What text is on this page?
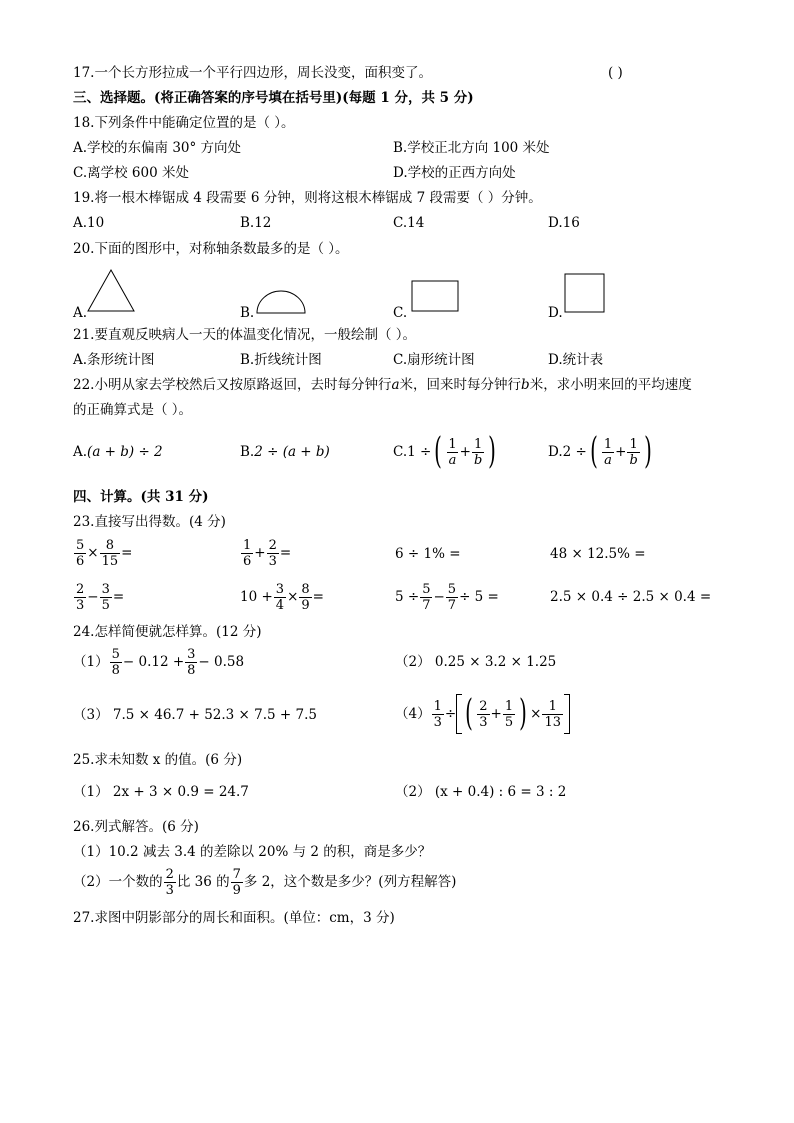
17.一个长方形拉成一个平行四边形，周长没变，面积变了。	( )
三、选择题。(将正确答案的序号填在括号里)(每题 1 分，共 5 分)
18.下列条件中能确定位置的是（ ）。
A.学校的东偏南 30° 方向处	B.学校正北方向 100 米处
C.离学校 600 米处	D.学校的正西方向处
19.将一根木棒锯成 4 段需要 6 分钟，则将这根木棒锯成 7 段需要（ ）分钟。
A.10	B.12	C.14	D.16
20.下面的图形中，对称轴条数最多的是（ ）。
A.	B.	C.	D.
21.要直观反映病人一天的体温变化情况，一般绘制（ ）。
A.条形统计图	B.折线统计图	C.扇形统计图	D.统计表
22.小明从家去学校然后又按原路返回，去时每分钟行a米，回来时每分钟行b米，求小明来回的平均速度
的正确算式是（ ）。
A.(a + b) ÷ 2	B.2 ÷ (a + b)	C. 1 ÷ ( $\frac{1}{a} + \frac{1}{b}$ )	D. 2 ÷ ( $\frac{1}{a} + \frac{1}{b}$ )
四、计算。(共 31 分)
23.直接写出得数。(4 分)
$\frac{5}{6} \times \frac{8}{15}$ =	$\frac{1}{6} + \frac{2}{3}$ =	6 ÷ 1% =	48 × 12.5% =
$\frac{2}{3} - \frac{3}{5}$ =	$10 + \frac{3}{4} \times \frac{8}{9}$ =	$5 \div \frac{5}{7} - \frac{5}{7} \div 5$ =	2.5 × 0.4 ÷ 2.5 × 0.4 =
24.怎样简便就怎样算。(12 分)
$(1) \frac{5}{8} - 0.12 + \frac{3}{8} - 0.58$	（2） 0.25 × 3.2 × 1.25
（3） 7.5 × 46.7 + 52.3 × 7.5 + 7.5	$(4) \frac{1}{3}$ ÷ ( $\frac{2}{3} + \frac{1}{5}$ ) × $\frac{1}{13}$
25.求未知数 x 的值。(6 分)
（1） 2x + 3 × 0.9 = 24.7	（2） (x + 0.4) : 6 = 3 : 2
26.列式解答。(6 分)
（1）10.2 减去 3.4 的差除以 20% 与 2 的积，商是多少？
（2）一个数的 $\frac{2}{3}$ 比 36 的 $\frac{7}{9}$ 多 2，这个数是多少？(列方程解答)
27.求图中阴影部分的周长和面积。(单位：cm，3 分)
